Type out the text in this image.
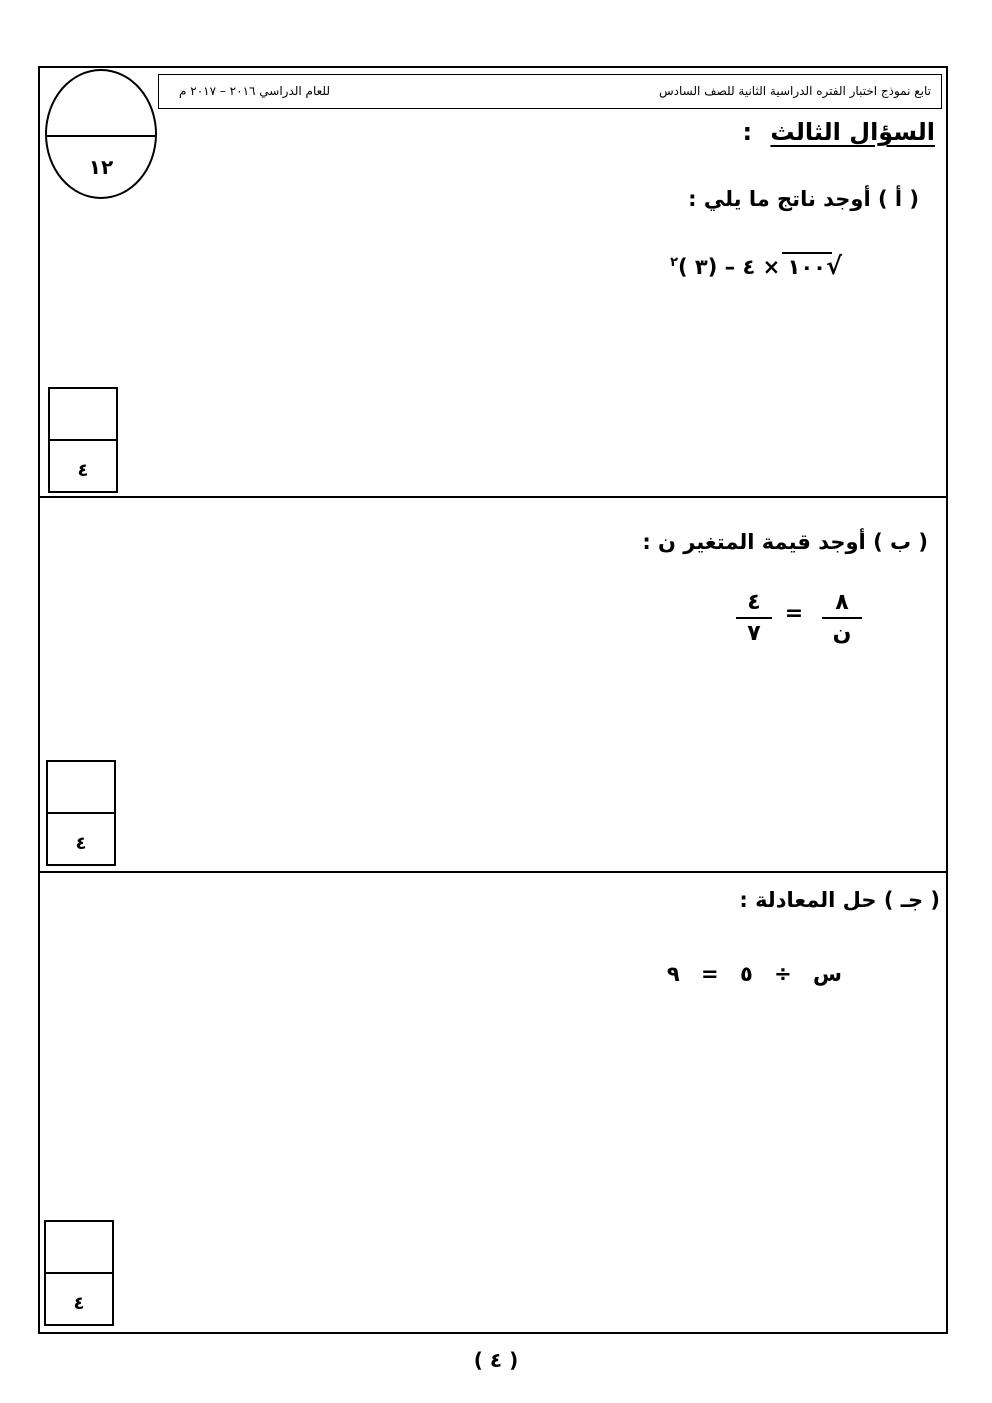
تابع نموذج اختبار الفتره الدراسية الثانية للصف السادس
للعام الدراسي ٢٠١٦ – ٢٠١٧ م
١٢
السؤال الثالث :
( أ ) أوجد ناتج ما يلي :
√١٠٠ × ٤ – (٣ )$^٢$
٤
( ب ) أوجد قيمة المتغير ن :
٨
ن
=
٤
٧
٤
( جـ ) حل المعادلة :
س ÷ ٥ = ٩
٤
( ٤ )
